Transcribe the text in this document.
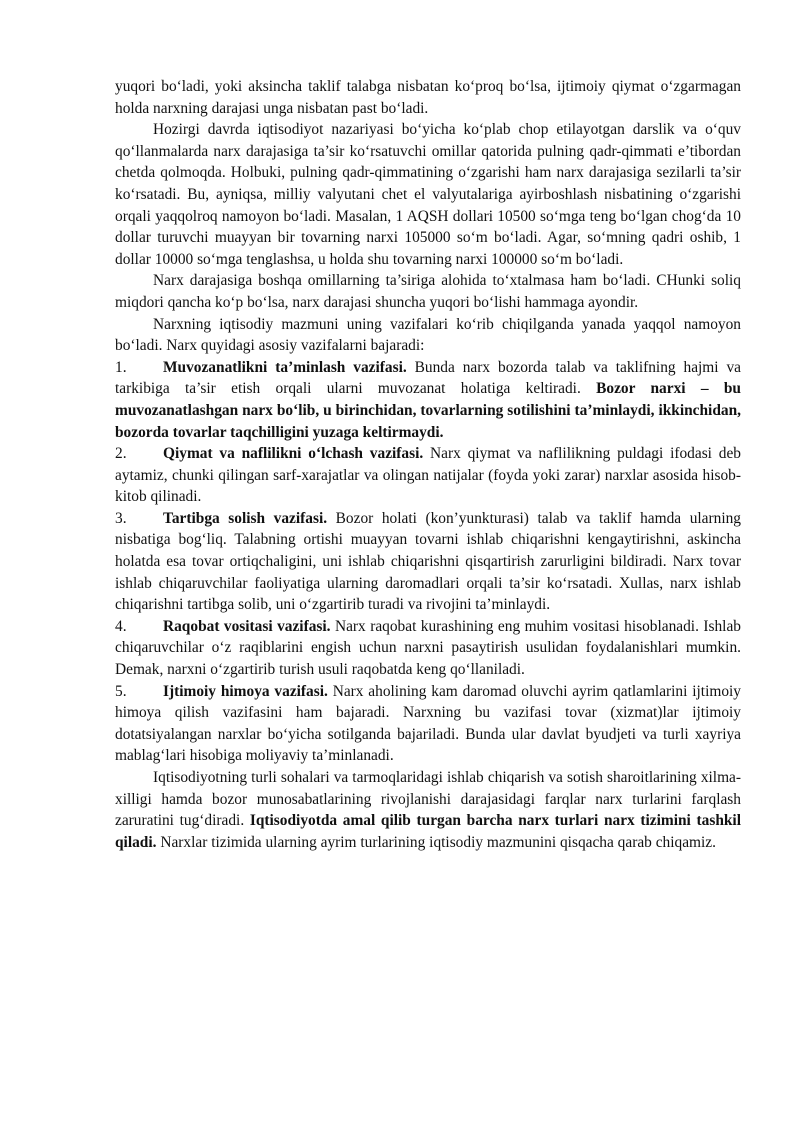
yuqori bo‘ladi, yoki aksincha taklif talabga nisbatan ko‘proq bo‘lsa, ijtimoiy qiymat o‘zgarmagan holda narxning darajasi unga nisbatan past bo‘ladi.

Hozirgi davrda iqtisodiyot nazariyasi bo‘yicha ko‘plab chop etilayotgan darslik va o‘quv qo‘llanmalarda narx darajasiga ta’sir ko‘rsatuvchi omillar qatorida pulning qadr-qimmati e’tibordan chetda qolmoqda. Holbuki, pulning qadr-qimmatining o‘zgarishi ham narx darajasiga sezilarli ta’sir ko‘rsatadi. Bu, ayniqsa, milliy valyutani chet el valyutalariga ayirboshlash nisbatining o‘zgarishi orqali yaqqolroq namoyon bo‘ladi. Masalan, 1 AQSH dollari 10500 so‘mga teng bo‘lgan chog‘da 10 dollar turuvchi muayyan bir tovarning narxi 105000 so‘m bo‘ladi. Agar, so‘mning qadri oshib, 1 dollar 10000 so‘mga tenglashsa, u holda shu tovarning narxi 100000 so‘m bo‘ladi.

Narx darajasiga boshqa omillarning ta’siriga alohida to‘xtalmasa ham bo‘ladi. CHunki soliq miqdori qancha ko‘p bo‘lsa, narx darajasi shuncha yuqori bo‘lishi hammaga ayondir.

Narxning iqtisodiy mazmuni uning vazifalari ko‘rib chiqilganda yanada yaqqol namoyon bo‘ladi. Narx quyidagi asosiy vazifalarni bajaradi:

1. Muvozanatlikni ta’minlash vazifasi. Bunda narx bozorda talab va taklifning hajmi va tarkibiga ta’sir etish orqali ularni muvozanat holatiga keltiradi. Bozor narxi – bu muvozanatlashgan narx bo‘lib, u birinchidan, tovarlarning sotilishini ta’minlaydi, ikkinchidan, bozorda tovarlar taqchilligini yuzaga keltirmaydi.

2. Qiymat va naflilikni o‘lchash vazifasi. Narx qiymat va naflilikning puldagi ifodasi deb aytamiz, chunki qilingan sarf-xarajatlar va olingan natijalar (foyda yoki zarar) narxlar asosida hisob-kitob qilinadi.

3. Tartibga solish vazifasi. Bozor holati (kon’yunkturasi) talab va taklif hamda ularning nisbatiga bog‘liq. Talabning ortishi muayyan tovarni ishlab chiqarishni kengaytirishni, askincha holatda esa tovar ortiqchaligini, uni ishlab chiqarishni qisqartirish zarurligini bildiradi. Narx tovar ishlab chiqaruvchilar faoliyatiga ularning daromadlari orqali ta’sir ko‘rsatadi. Xullas, narx ishlab chiqarishni tartibga solib, uni o‘zgartirib turadi va rivojini ta’minlaydi.

4. Raqobat vositasi vazifasi. Narx raqobat kurashining eng muhim vositasi hisoblanadi. Ishlab chiqaruvchilar o‘z raqiblarini engish uchun narxni pasaytirish usulidan foydalanishlari mumkin. Demak, narxni o‘zgartirib turish usuli raqobatda keng qo‘llaniladi.

5. Ijtimoiy himoya vazifasi. Narx aholining kam daromad oluvchi ayrim qatlamlarini ijtimoiy himoya qilish vazifasini ham bajaradi. Narxning bu vazifasi tovar (xizmat)lar ijtimoiy dotatsiyalangan narxlar bo‘yicha sotilganda bajariladi. Bunda ular davlat byudjeti va turli xayriya mablag‘lari hisobiga moliyaviy ta’minlanadi.

Iqtisodiyotning turli sohalari va tarmoqlaridagi ishlab chiqarish va sotish sharoitlarining xilma-xilligi hamda bozor munosabatlarining rivojlanishi darajasidagi farqlar narx turlarini farqlash zaruratini tug‘diradi. Iqtisodiyotda amal qilib turgan barcha narx turlari narx tizimini tashkil qiladi. Narxlar tizimida ularning ayrim turlarining iqtisodiy mazmunini qisqacha qarab chiqamiz.
